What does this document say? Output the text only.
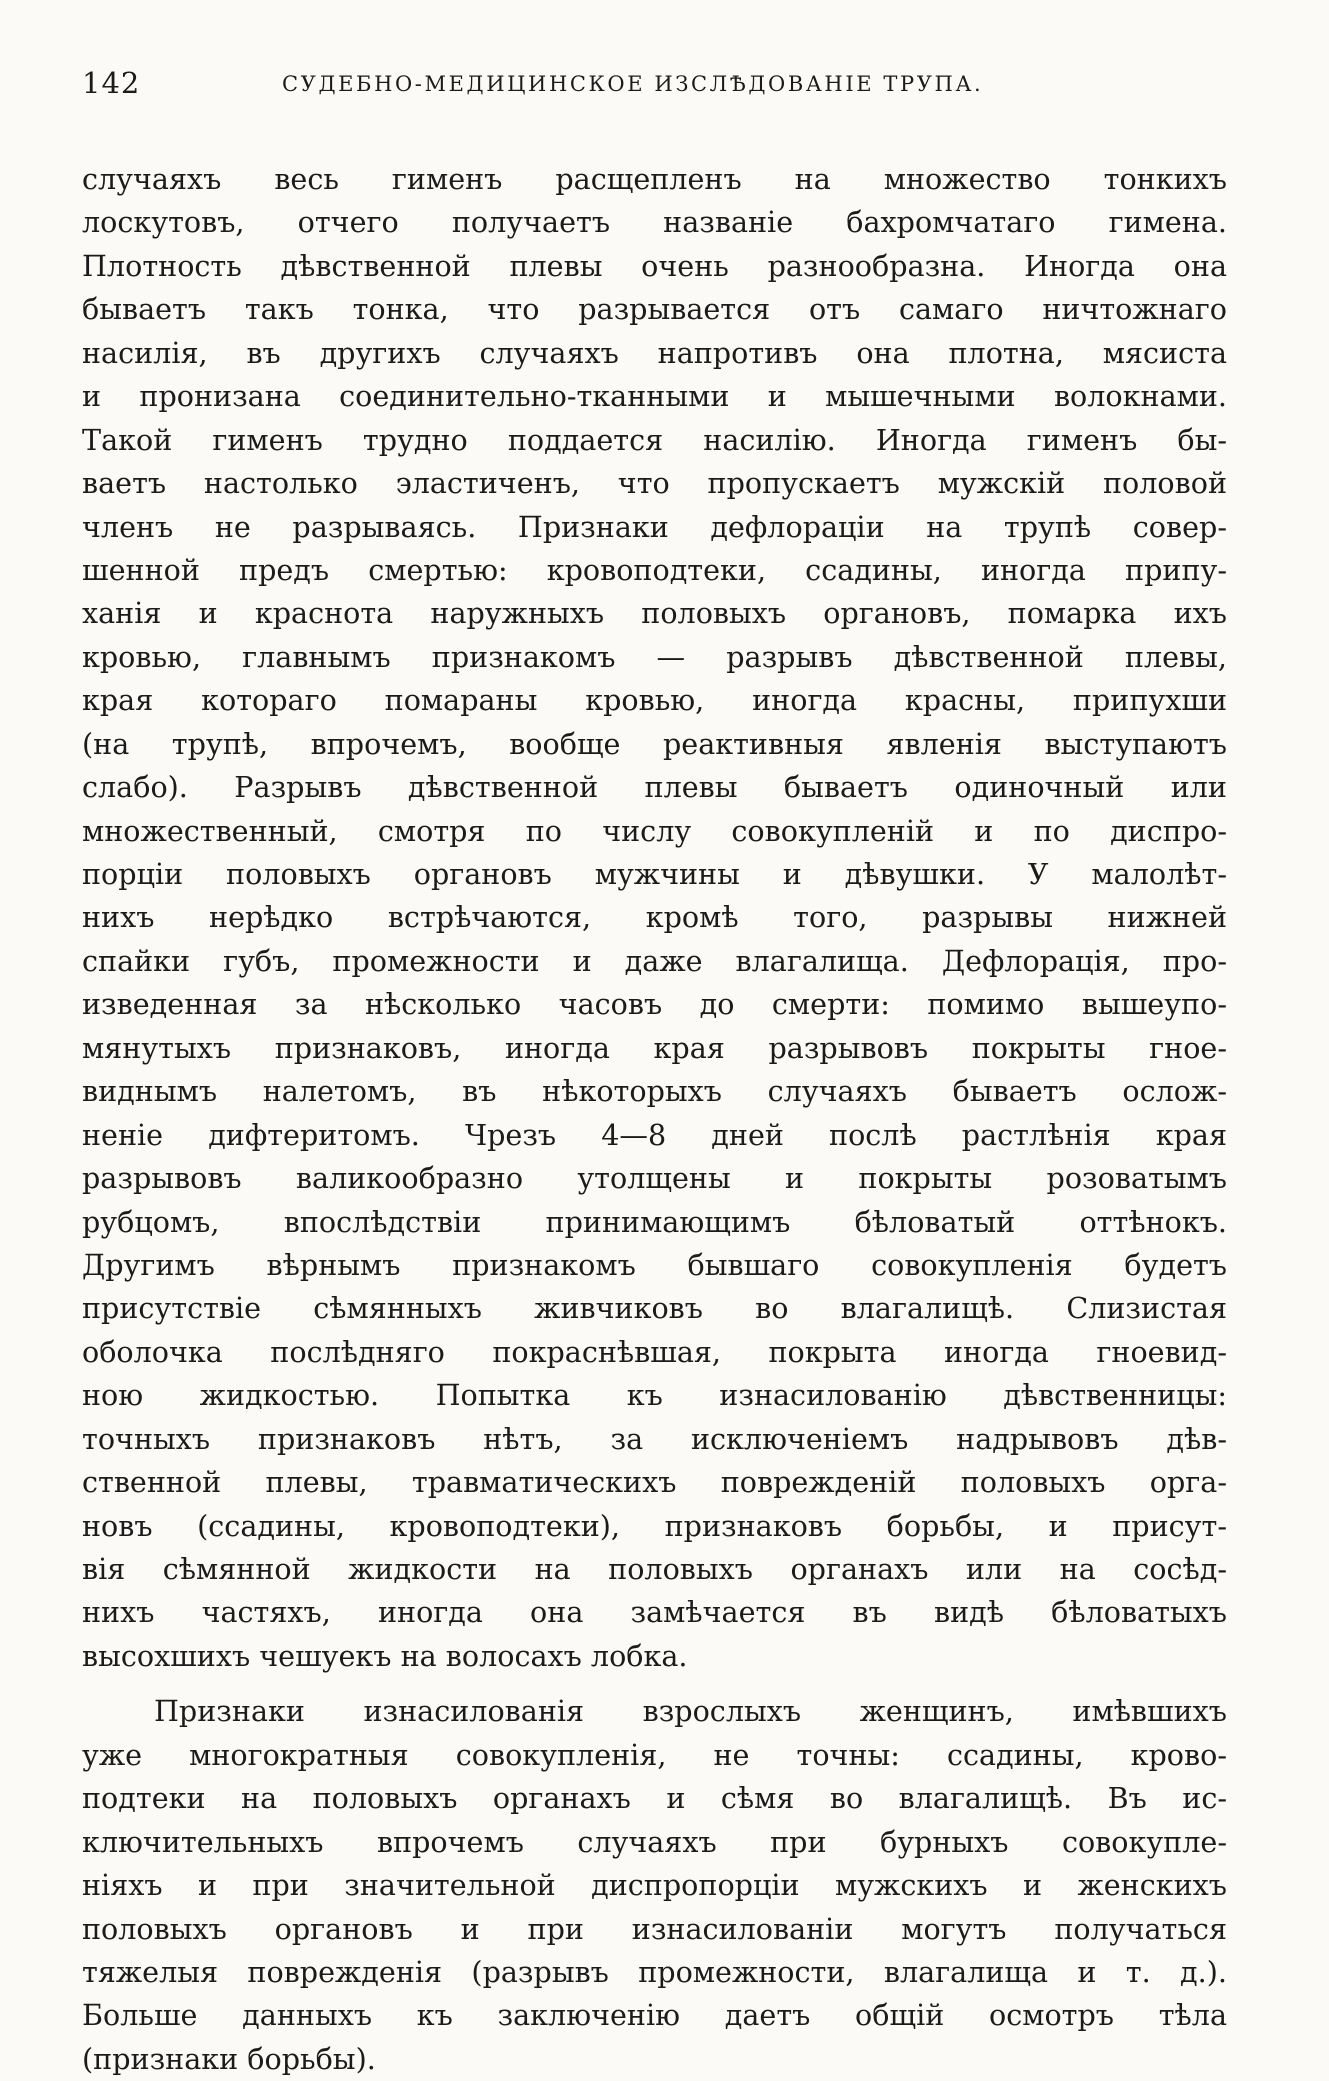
142	СУДЕБНО-МЕДИЦИНСКОЕ ИЗСЛѢДОВАНІЕ ТРУПА.
случаяхъ весь гименъ расщепленъ на множество тонкихъ
лоскутовъ, отчего получаетъ названіе бахромчатаго гимена.
Плотность дѣвственной плевы очень разнообразна. Иногда она
бываетъ такъ тонка, что разрывается отъ самаго ничтожнаго
насилія, въ другихъ случаяхъ напротивъ она плотна, мясиста
и пронизана соединительно-тканными и мышечными волокнами.
Такой гименъ трудно поддается насилію. Иногда гименъ бы-
ваетъ настолько эластиченъ, что пропускаетъ мужскій половой
членъ не разрываясь. Признаки дефлораціи на трупѣ совер-
шенной предъ смертью: кровоподтеки, ссадины, иногда припу-
ханія и краснота наружныхъ половыхъ органовъ, помарка ихъ
кровью, главнымъ признакомъ — разрывъ дѣвственной плевы,
края котораго помараны кровью, иногда красны, припухши
(на трупѣ, впрочемъ, вообще реактивныя явленія выступаютъ
слабо). Разрывъ дѣвственной плевы бываетъ одиночный или
множественный, смотря по числу совокупленій и по диспро-
порціи половыхъ органовъ мужчины и дѣвушки. У малолѣт-
нихъ нерѣдко встрѣчаются, кромѣ того, разрывы нижней
спайки губъ, промежности и даже влагалища. Дефлорація, про-
изведенная за нѣсколько часовъ до смерти: помимо вышеупо-
мянутыхъ признаковъ, иногда края разрывовъ покрыты гное-
виднымъ налетомъ, въ нѣкоторыхъ случаяхъ бываетъ ослож-
неніе дифтеритомъ. Чрезъ 4—8 дней послѣ растлѣнія края
разрывовъ валикообразно утолщены и покрыты розоватымъ
рубцомъ, впослѣдствіи принимающимъ бѣловатый оттѣнокъ.
Другимъ вѣрнымъ признакомъ бывшаго совокупленія будетъ
присутствіе сѣмянныхъ живчиковъ во влагалищѣ. Слизистая
оболочка послѣдняго покраснѣвшая, покрыта иногда гноевид-
ною жидкостью. Попытка къ изнасилованію дѣвственницы:
точныхъ признаковъ нѣтъ, за исключеніемъ надрывовъ дѣв-
ственной плевы, травматическихъ поврежденій половыхъ орга-
новъ (ссадины, кровоподтеки), признаковъ борьбы, и присут-
вія сѣмянной жидкости на половыхъ органахъ или на сосѣд-
нихъ частяхъ, иногда она замѣчается въ видѣ бѣловатыхъ
высохшихъ чешуекъ на волосахъ лобка.
Признаки изнасилованія взрослыхъ женщинъ, имѣвшихъ
уже многократныя совокупленія, не точны: ссадины, крово-
подтеки на половыхъ органахъ и сѣмя во влагалищѣ. Въ ис-
ключительныхъ впрочемъ случаяхъ при бурныхъ совокупле-
ніяхъ и при значительной диспропорціи мужскихъ и женскихъ
половыхъ органовъ и при изнасилованіи могутъ получаться
тяжелыя поврежденія (разрывъ промежности, влагалища и т. д.).
Больше данныхъ къ заключенію даетъ общій осмотръ тѣла
(признаки борьбы).
